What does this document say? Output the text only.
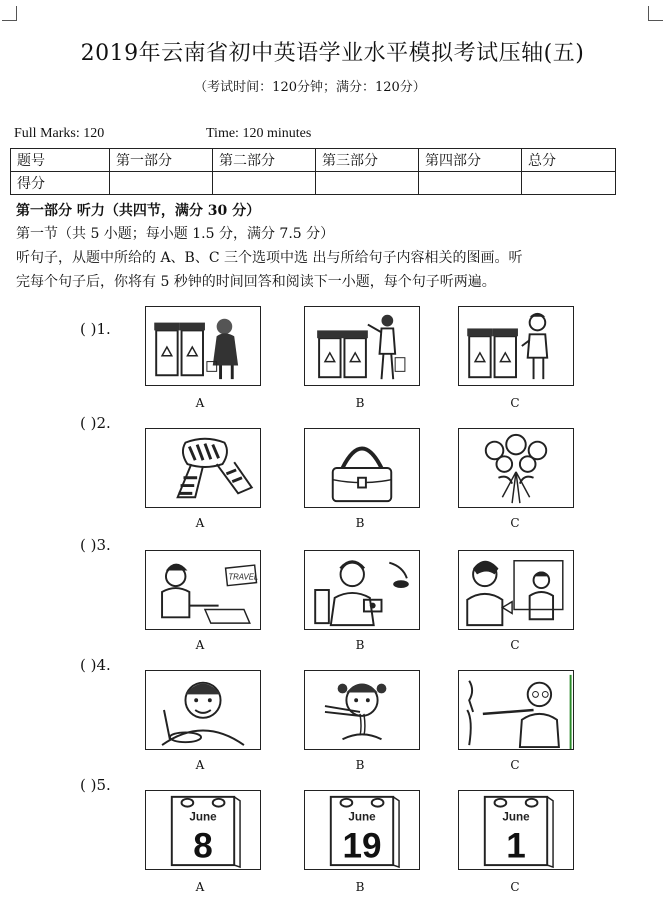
2019年云南省初中英语学业水平模拟考试压轴(五)
（考试时间：120分钟；满分：120分）
Full Marks: 120	Time: 120 minutes
题号	第一部分	第二部分	第三部分	第四部分	总分
得分					
第一部分 听力（共四节，满分 30 分）
第一节（共 5 小题；每小题 1.5 分，满分 7.5 分）
听句子，从题中所给的 A、B、C 三个选项中选 出与所给句子内容相关的图画。听
完每个句子后，你将有 5 秒钟的时间回答和阅读下一小题，每个句子听两遍。
( )1.
A	B	C
( )2.
A	B	C
( )3.
TRAVEL
A	B	C
( )4.
A	B	C
( )5.
June
8
A
June
19
B
June
1
C
